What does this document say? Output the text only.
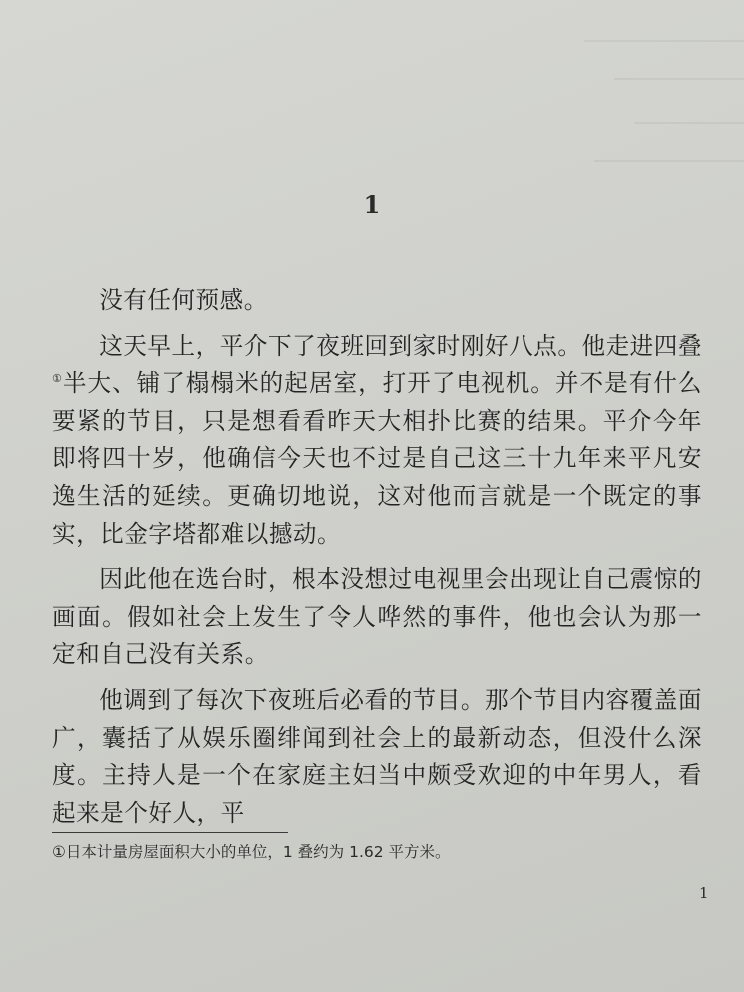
1

没有任何预感。

这天早上，平介下了夜班回到家时刚好八点。他走进四叠①半大、铺了榻榻米的起居室，打开了电视机。并不是有什么要紧的节目，只是想看看昨天大相扑比赛的结果。平介今年即将四十岁，他确信今天也不过是自己这三十九年来平凡安逸生活的延续。更确切地说，这对他而言就是一个既定的事实，比金字塔都难以撼动。

因此他在选台时，根本没想过电视里会出现让自己震惊的画面。假如社会上发生了令人哗然的事件，他也会认为那一定和自己没有关系。

他调到了每次下夜班后必看的节目。那个节目内容覆盖面广，囊括了从娱乐圈绯闻到社会上的最新动态，但没什么深度。主持人是一个在家庭主妇当中颇受欢迎的中年男人，看起来是个好人，平

①日本计量房屋面积大小的单位，1 叠约为 1.62 平方米。
1
